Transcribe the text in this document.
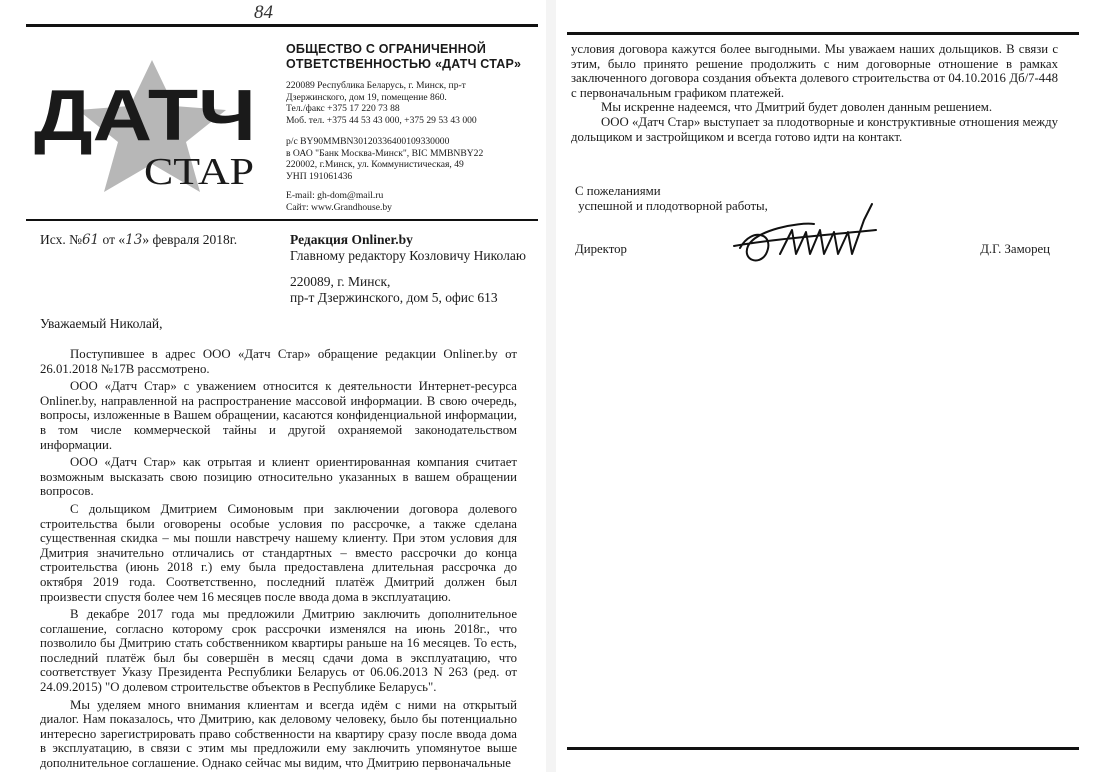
84
ДАТЧ
СТАР
ОБЩЕСТВО С ОГРАНИЧЕННОЙ
ОТВЕТСТВЕННОСТЬЮ «ДАТЧ СТАР»
220089 Республика Беларусь, г. Минск, пр-т
Дзержинского, дом 19, помещение 860.
Тел./факс +375 17 220 73 88
Моб. тел. +375 44 53 43 000, +375 29 53 43 000
р/с BY90MMBN30120336400109330000
в ОАО "Банк Москва-Минск", BIC MMBNBY22
220002, г.Минск, ул. Коммунистическая, 49
УНП 191061436
E-mail: gh-dom@mail.ru
Сайт: www.Grandhouse.by
Исх. №61 от «13» февраля 2018г.	Редакция Onliner.by
Главному редактору Козловичу Николаю
220089, г. Минск,
пр-т Дзержинского, дом 5, офис 613
Уважаемый Николай,

Поступившее в адрес ООО «Датч Стар» обращение редакции Onliner.by от 26.01.2018 №17В рассмотрено.

ООО «Датч Стар» с уважением относится к деятельности Интернет-ресурса Onliner.by, направленной на распространение массовой информации. В свою очередь, вопросы, изложенные в Вашем обращении, касаются конфиденциальной информации, в том числе коммерческой тайны и другой охраняемой законодательством информации.

ООО «Датч Стар» как отрытая и клиент ориентированная компания считает возможным высказать свою позицию относительно указанных в вашем обращении вопросов.

С дольщиком Дмитрием Симоновым при заключении договора долевого строительства были оговорены особые условия по рассрочке, а также сделана существенная скидка – мы пошли навстречу нашему клиенту. При этом условия для Дмитрия значительно отличались от стандартных – вместо рассрочки до конца строительства (июнь 2018 г.) ему была предоставлена длительная рассрочка до октября 2019 года. Соответственно, последний платёж Дмитрий должен был произвести спустя более чем 16 месяцев после ввода дома в эксплуатацию.

В декабре 2017 года мы предложили Дмитрию заключить дополнительное соглашение, согласно которому срок рассрочки изменялся на июнь 2018г., что позволило бы Дмитрию стать собственником квартиры раньше на 16 месяцев. То есть, последний платёж был бы совершён в месяц сдачи дома в эксплуатацию, что соответствует Указу Президента Республики Беларусь от 06.06.2013 N 263 (ред. от 24.09.2015) "О долевом строительстве объектов в Республике Беларусь".

Мы уделяем много внимания клиентам и всегда идём с ними на открытый диалог. Нам показалось, что Дмитрию, как деловому человеку, было бы потенциально интересно зарегистрировать право собственности на квартиру сразу после ввода дома в эксплуатацию, в связи с этим мы предложили ему заключить упомянутое выше дополнительное соглашение. Однако сейчас мы видим, что Дмитрию первоначальные

условия договора кажутся более выгодными. Мы уважаем наших дольщиков. В связи с этим, было принято решение продолжить с ним договорные отношение в рамках заключенного договора создания объекта долевого строительства от 04.10.2016 Дб/7-448 с первоначальным графиком платежей.

Мы искренне надеемся, что Дмитрий будет доволен данным решением.

ООО «Датч Стар» выступает за плодотворные и конструктивные отношения между дольщиком и застройщиком и всегда готово идти на контакт.

С пожеланиями
успешной и плодотворной работы,
Директор	Д.Г. Заморец
